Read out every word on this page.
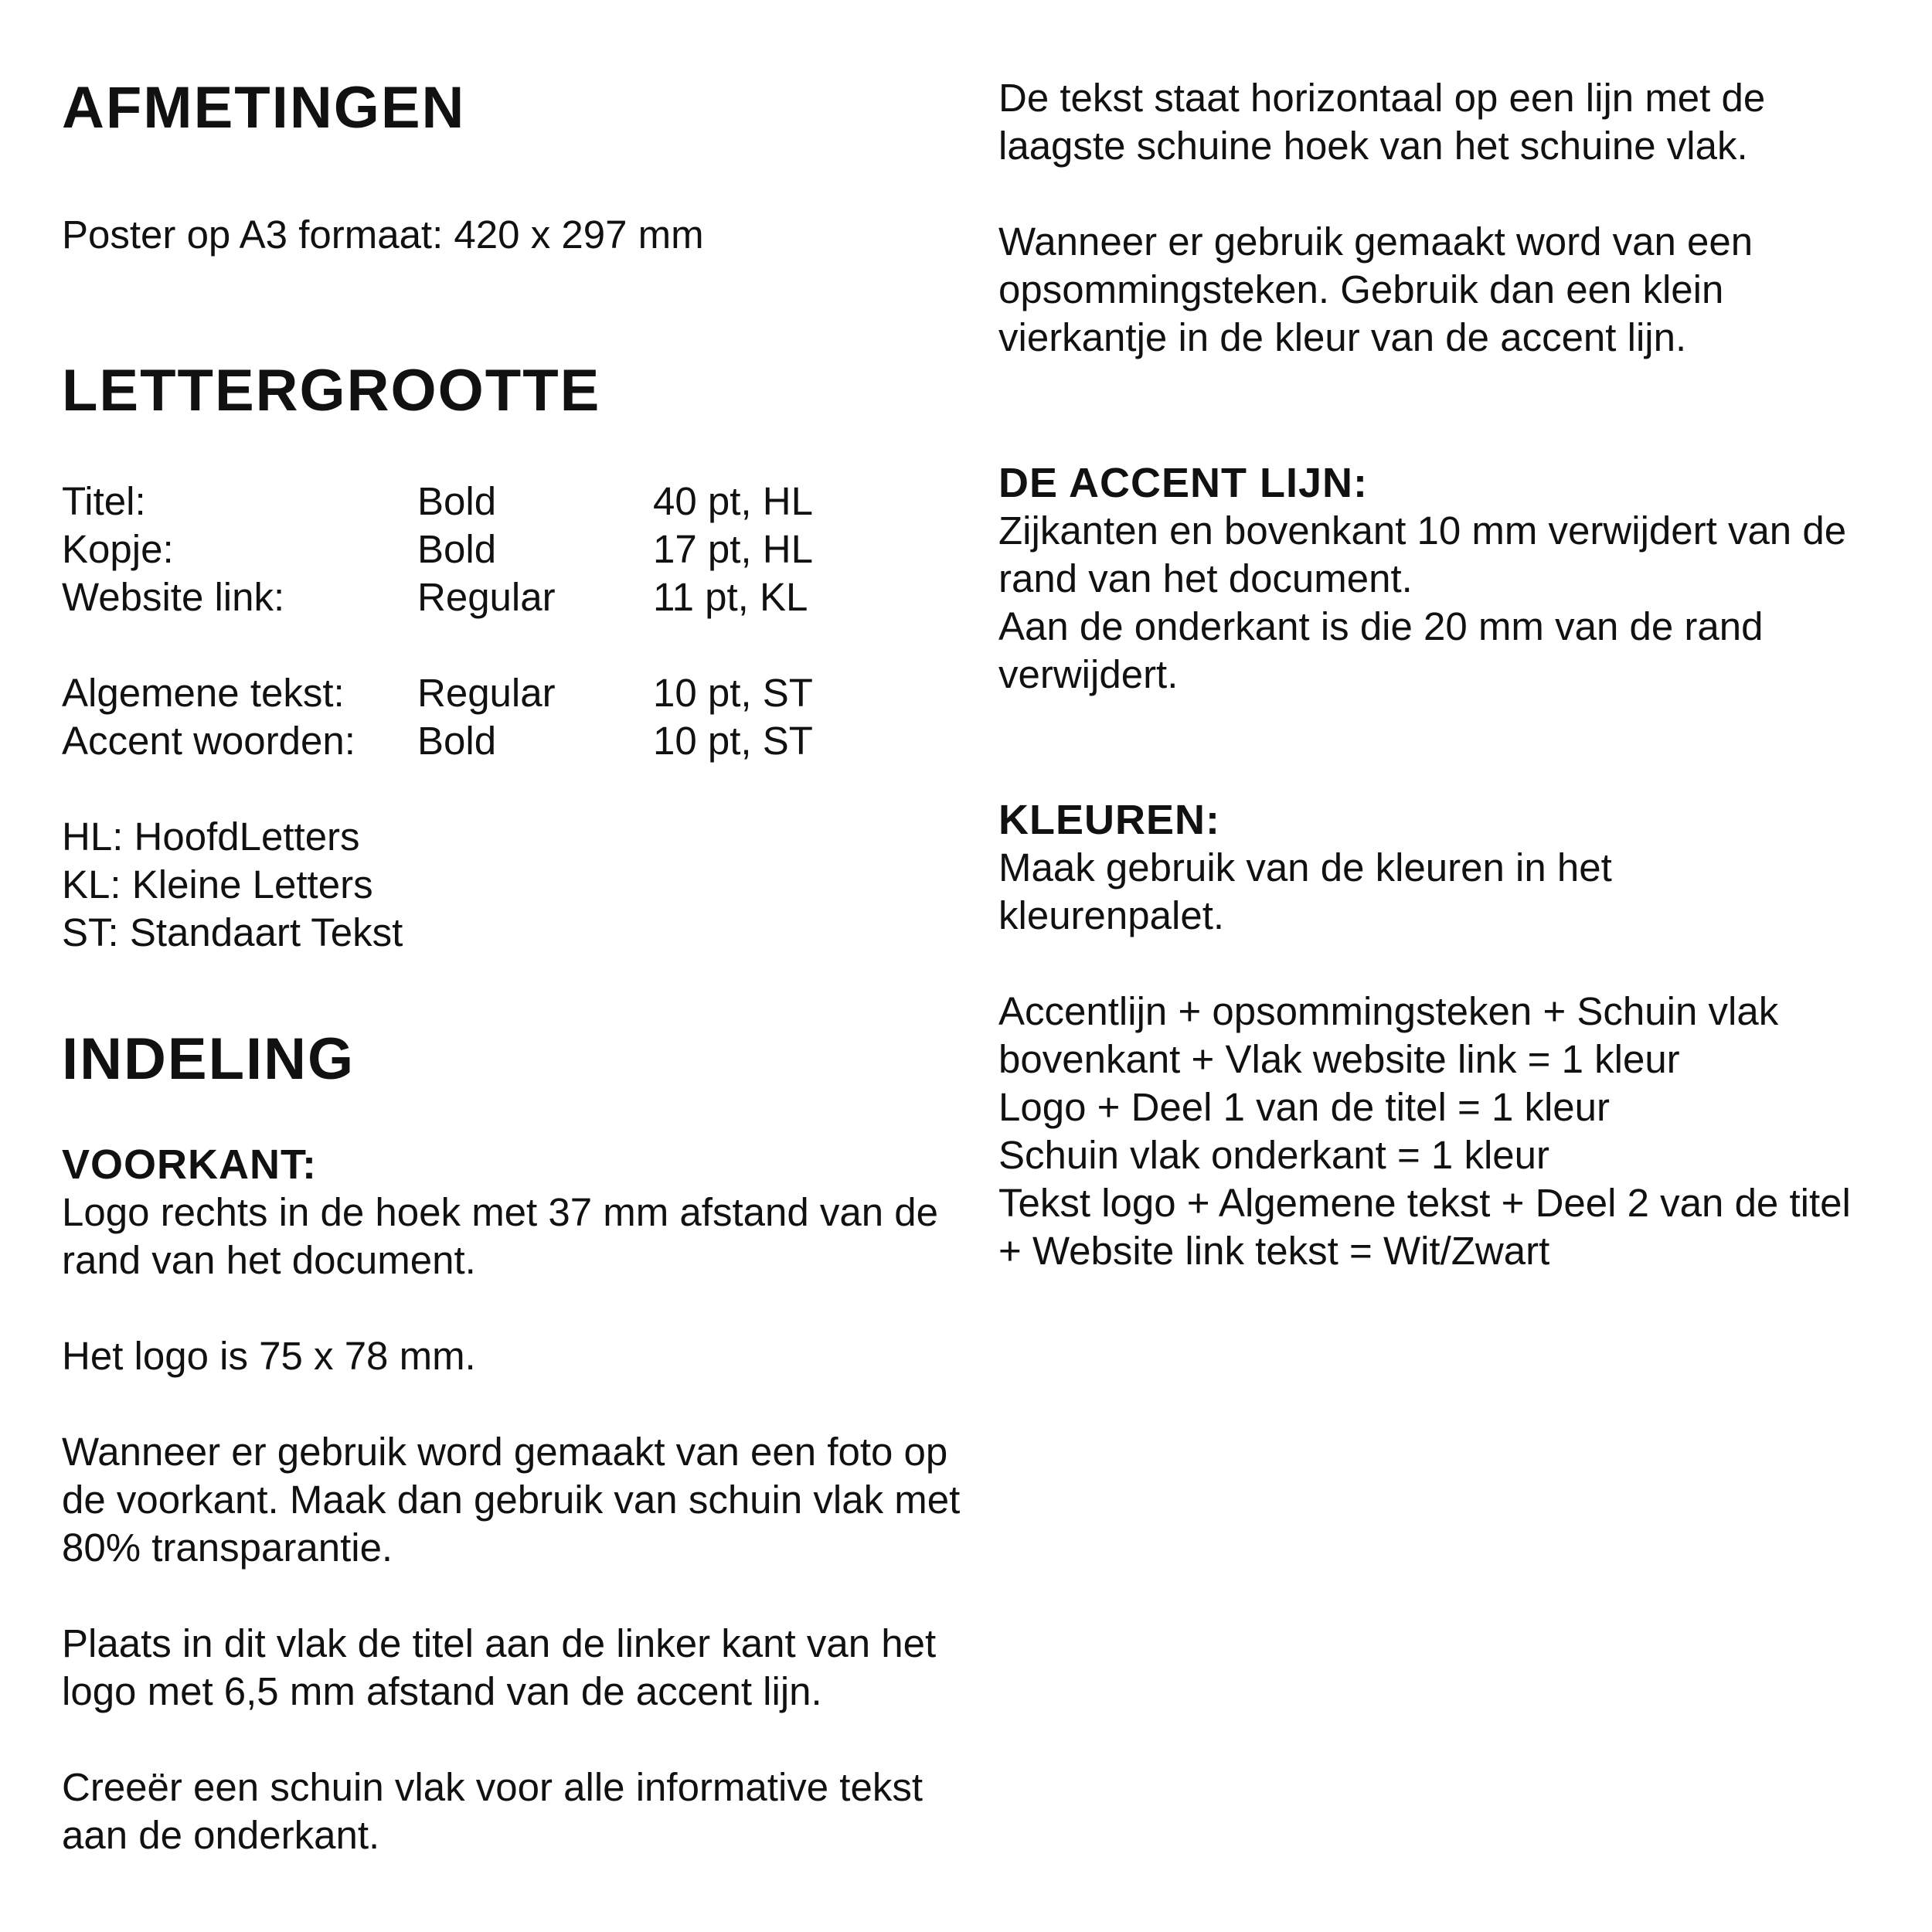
AFMETINGEN

Poster op A3 formaat: 420 x 297 mm

LETTERGROOTTE
Titel:	Bold	40 pt, HL
Kopje:	Bold	17 pt, HL
Website link:	Regular	11 pt, KL

Algemene tekst:	Regular	10 pt, ST
Accent woorden:	Bold	10 pt, ST

HL: HoofdLetters

KL: Kleine Letters

ST: Standaart Tekst

INDELING
VOORKANT:

Logo rechts in de hoek met 37 mm afstand van de rand van het document.

Het logo is 75 x 78 mm.

Wanneer er gebruik word gemaakt van een foto op de voorkant. Maak dan gebruik van schuin vlak met 80% transparantie.

Plaats in dit vlak de titel aan de linker kant van het logo met 6,5 mm afstand van de accent lijn.

Creeër een schuin vlak voor alle informative tekst aan de onderkant.

De tekst staat horizontaal op een lijn met de laagste schuine hoek van het schuine vlak.

Wanneer er gebruik gemaakt word van een opsommingsteken. Gebruik dan een klein vierkantje in de kleur van de accent lijn.

DE ACCENT LIJN:

Zijkanten en bovenkant 10 mm verwijdert van de rand van het document.

Aan de onderkant is die 20 mm van de rand verwijdert.

KLEUREN:

Maak gebruik van de kleuren in het kleurenpalet.

Accentlijn + opsommingsteken + Schuin vlak bovenkant + Vlak website link = 1 kleur

Logo + Deel 1 van de titel = 1 kleur

Schuin vlak onderkant = 1 kleur

Tekst logo + Algemene tekst + Deel 2 van de titel + Website link tekst = Wit/Zwart
